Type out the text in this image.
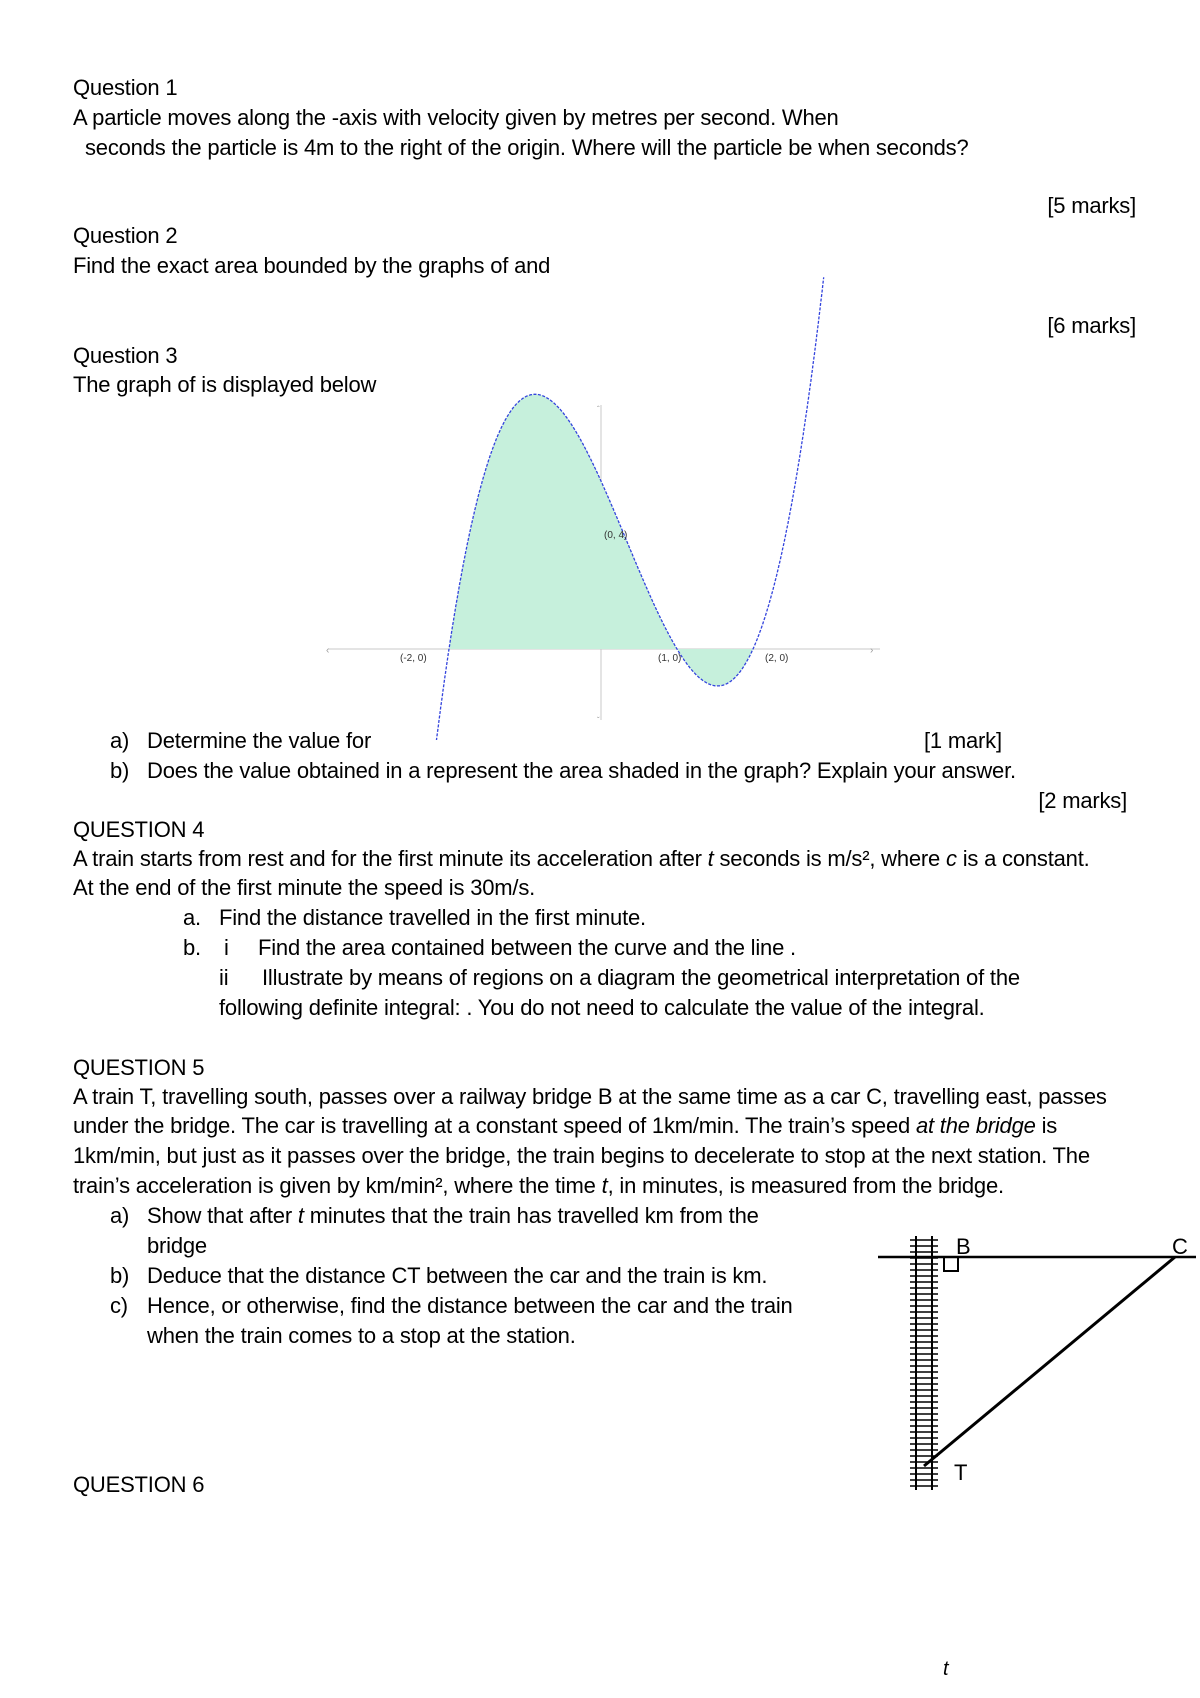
Question 1
A particle moves along the -axis with velocity given by metres per second. When
seconds the particle is 4m to the right of the origin. Where will the particle be when seconds?
[5 marks]
Question 2
Find the exact area bounded by the graphs of and
[6 marks]
Question 3
The graph of is displayed below
‹	›
ˆ
ˇ
(0, 4)
(-2, 0)	(1, 0)	(2, 0)
a) Determine the value for	[1 mark]
b) Does the value obtained in a represent the area shaded in the graph? Explain your answer.
[2 marks]
QUESTION 4
A train starts from rest and for the first minute its acceleration after t seconds is m/s², where c is a constant.
At the end of the first minute the speed is 30m/s.
a. Find the distance travelled in the first minute.
b. i Find the area contained between the curve and the line .
ii Illustrate by means of regions on a diagram the geometrical interpretation of the
following definite integral: . You do not need to calculate the value of the integral.
QUESTION 5
A train T, travelling south, passes over a railway bridge B at the same time as a car C, travelling east, passes
under the bridge. The car is travelling at a constant speed of 1km/min. The train’s speed at the bridge is
1km/min, but just as it passes over the bridge, the train begins to decelerate to stop at the next station. The
train’s acceleration is given by km/min², where the time t, in minutes, is measured from the bridge.
a) Show that after t minutes that the train has travelled km from the
bridge
b) Deduce that the distance CT between the car and the train is km.
c) Hence, or otherwise, find the distance between the car and the train
when the train comes to a stop at the station.
B	C
T
QUESTION 6
t
